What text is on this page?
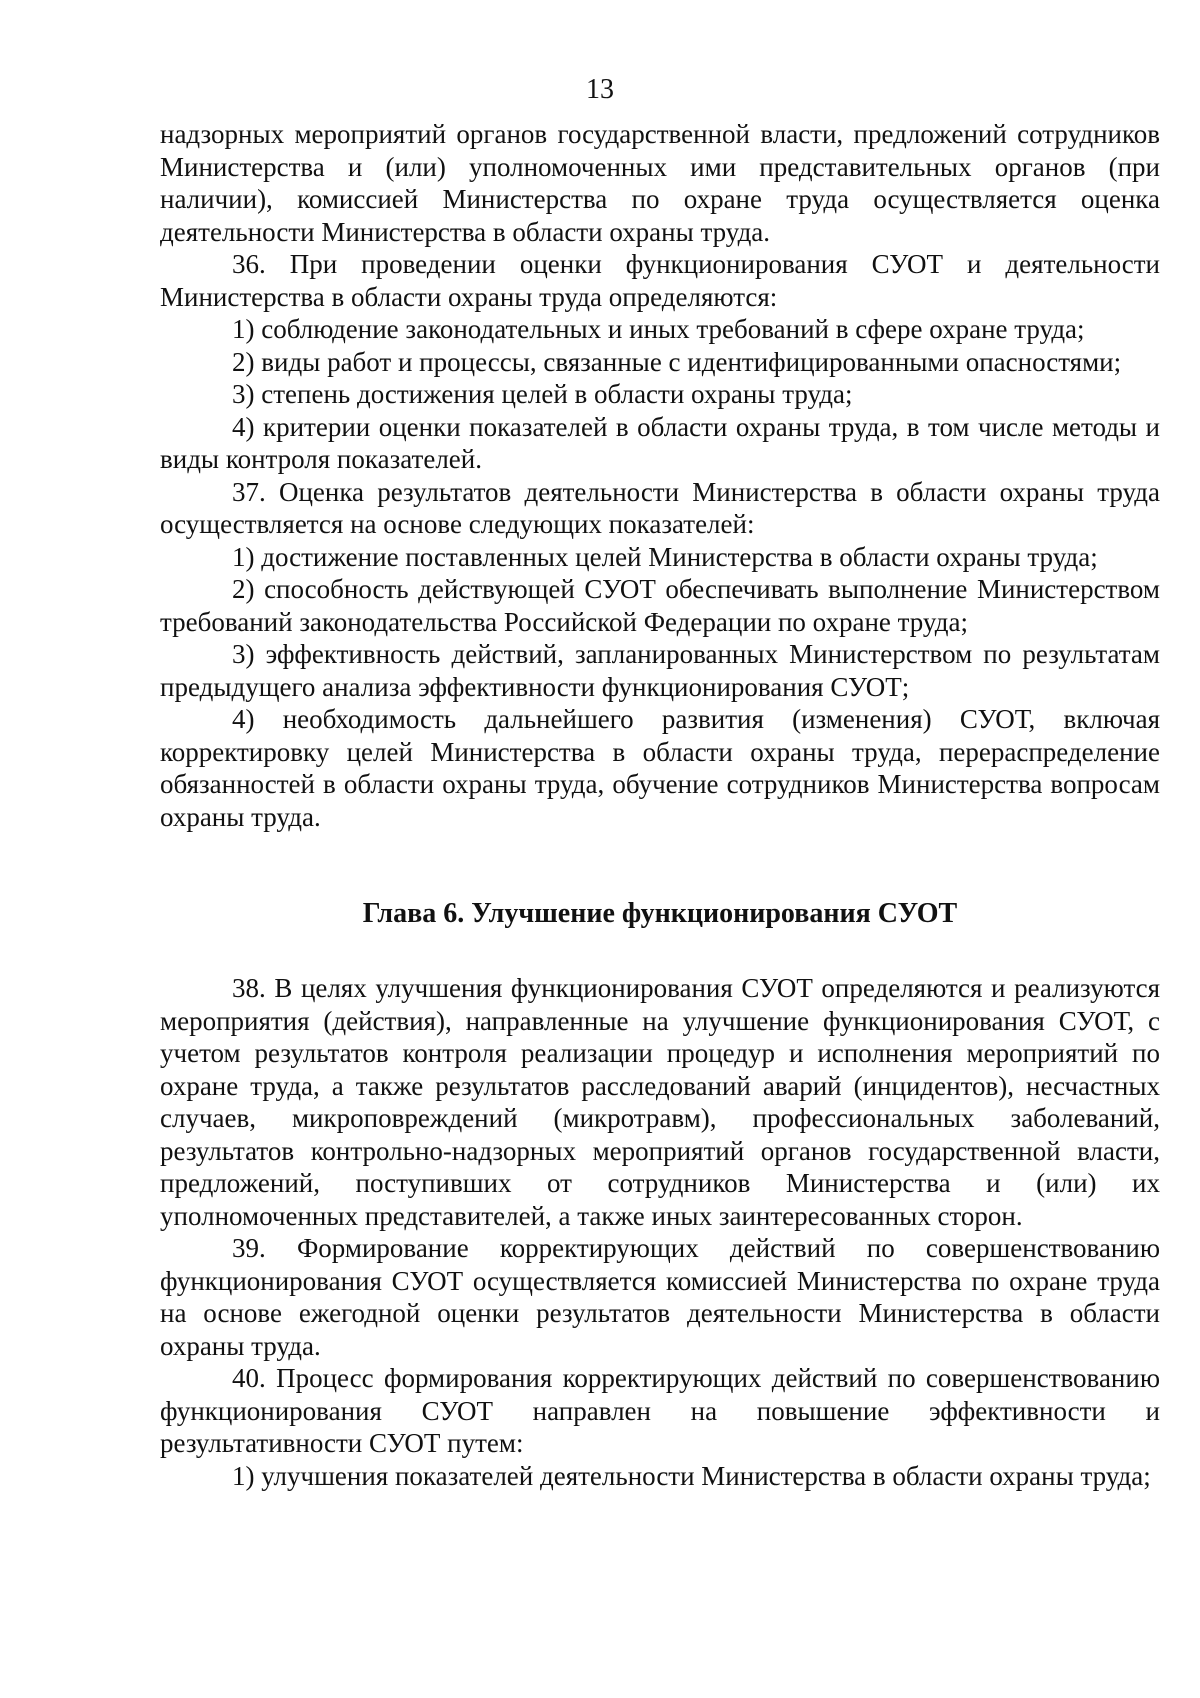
13

надзорных мероприятий органов государственной власти, предложений сотрудников Министерства и (или) уполномоченных ими представительных органов (при наличии), комиссией Министерства по охране труда осуществляется оценка деятельности Министерства в области охраны труда.

36. При проведении оценки функционирования СУОТ и деятельности Министерства в области охраны труда определяются:

1) соблюдение законодательных и иных требований в сфере охране труда;

2) виды работ и процессы, связанные с идентифицированными опасностями;

3) степень достижения целей в области охраны труда;

4) критерии оценки показателей в области охраны труда, в том числе методы и виды контроля показателей.

37. Оценка результатов деятельности Министерства в области охраны труда осуществляется на основе следующих показателей:

1) достижение поставленных целей Министерства в области охраны труда;

2) способность действующей СУОТ обеспечивать выполнение Министерством требований законодательства Российской Федерации по охране труда;

3) эффективность действий, запланированных Министерством по результатам предыдущего анализа эффективности функционирования СУОТ;

4) необходимость дальнейшего развития (изменения) СУОТ, включая корректировку целей Министерства в области охраны труда, перераспределение обязанностей в области охраны труда, обучение сотрудников Министерства вопросам охраны труда.

Глава 6. Улучшение функционирования СУОТ

38. В целях улучшения функционирования СУОТ определяются и реализуются мероприятия (действия), направленные на улучшение функционирования СУОТ, с учетом результатов контроля реализации процедур и исполнения мероприятий по охране труда, а также результатов расследований аварий (инцидентов), несчастных случаев, микроповреждений (микротравм), профессиональных заболеваний, результатов контрольно-надзорных мероприятий органов государственной власти, предложений, поступивших от сотрудников Министерства и (или) их уполномоченных представителей, а также иных заинтересованных сторон.

39. Формирование корректирующих действий по совершенствованию функционирования СУОТ осуществляется комиссией Министерства по охране труда на основе ежегодной оценки результатов деятельности Министерства в области охраны труда.

40. Процесс формирования корректирующих действий по совершенствованию функционирования СУОТ направлен на повышение эффективности и результативности СУОТ путем:

1) улучшения показателей деятельности Министерства в области охраны труда;
